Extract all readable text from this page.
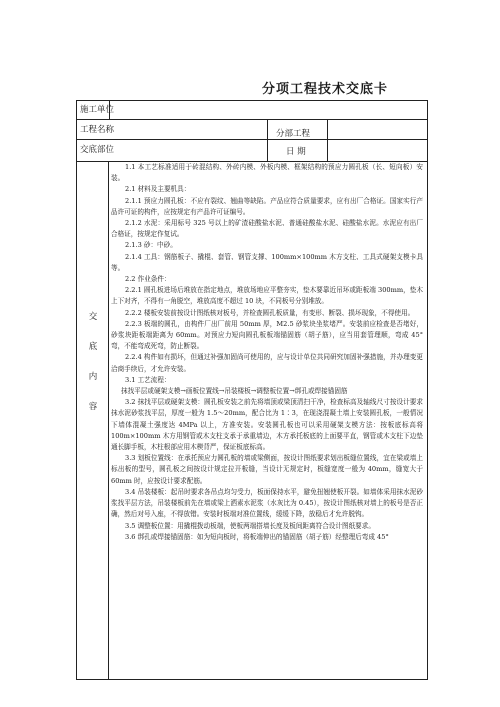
分项工程技术交底卡
施工单位
工程名称	分部工程
交底部位	日 期
交
底
内
容

1.1 本工艺标准适用于砖混结构、外砖内模、外板内模、框架结构的预应力圆孔板（长、短向板）安装。

2.1 材料及主要机具：

2.1.1 预应力圆孔板：不应有裂纹、翘曲等缺陷。产品应符合质量要求，应有出厂合格证。国家实行产品许可证的构件，应按规定有产品许可证编号。

2.1.2 水泥：采用标号 325 号以上的矿渣硅酸盐水泥、普通硅酸盐水泥、硅酸盐水泥。水泥应有出厂合格证，按规定作复试。

2.1.3 砂：中砂。

2.1.4 工具：钢筋板子、撬棍、套管、钢管支撑、100mm×100mm 木方支柱、工具式硬架支模卡具等。

2.2 作业条件：

2.2.1 圆孔板进场后堆放在指定地点，堆放场地应平整夯实，垫木要靠近吊环或距板端 300mm，垫木上下对齐，不得有一角脱空，堆放高度不超过 10 块，不同板号分别堆放。

2.2.2 楼板安装前按设计图纸核对板号，并检查圆孔板质量，有变形、断裂、损坏现象，不得使用。

2.2.3 板端的圆孔，由构件厂出厂前用 50mm 厚，M2.5 砂浆块坐浆堵严。安装前应检查是否堵好，砂浆块距板端距离为 60mm。对预应力短向圆孔板板端锚固筋（胡子筋），应当用套管理顺，弯成 45° 弯，不能弯成死弯，防止断裂。

2.2.4 构件如有损坏，但通过补强加固尚可使用的，应与设计单位共同研究加固补强措施，并办理变更洽商手续后，才允许安装。

3.1 工艺流程：

抹找平层或硬架支模→画板位置线→吊装楼板→调整板位置→绑孔或焊接锚固筋

3.2 抹找平层或硬架支模：圆孔板安装之前先将墙顶或梁顶清扫干净，检查标高及轴线尺寸按设计要求抹水泥砂浆找平层，厚度一般为 1.5～20mm，配合比为 1∶3，在现浇混凝土墙上安装圆孔板，一般情况下墙体混凝土强度达 4MPa 以上，方准安装。安装圆孔板也可以采用硬架支模方法：按板底标高将 100m×100mm 木方用钢管或木支柱支承于承重墙边，木方承托板底的上面要平直，钢管或木支柱下边垫通长脚手板，木柱根部应用木楔背严，保证板底标高。

3.3 划板位置线：在承托预应力圆孔板的墙或梁侧面，按设计图纸要求划出板缝位置线，宜在梁或墙上标出板的型号，圆孔板之间按设计规定拉开板缝，当设计无规定时，板缝宽度一般为 40mm，缝宽大于 60mm 时，应按设计要求配筋。

3.4 吊装楼板：起吊时要求各吊点均匀受力，板面保持水平，避免扭翘使板开裂。如墙体采用抹水泥砂浆找平层方法，吊装楼板前先在墙或梁上洒素水泥浆（水灰比为 0.45），按设计图纸核对墙上的板号是否正确，然后对号入座，不得放错。安装时板端对准位置线，缓缓下降，放稳后才允许脱钩。

3.5 调整板位置：用撬棍拨动板端，使板两端搭墙长度及板间距离符合设计图纸要求。

3.6 绑孔或焊接锚固筋：如为短向板时，将板端伸出的锚固筋（胡子筋）经整理后弯成 45°
